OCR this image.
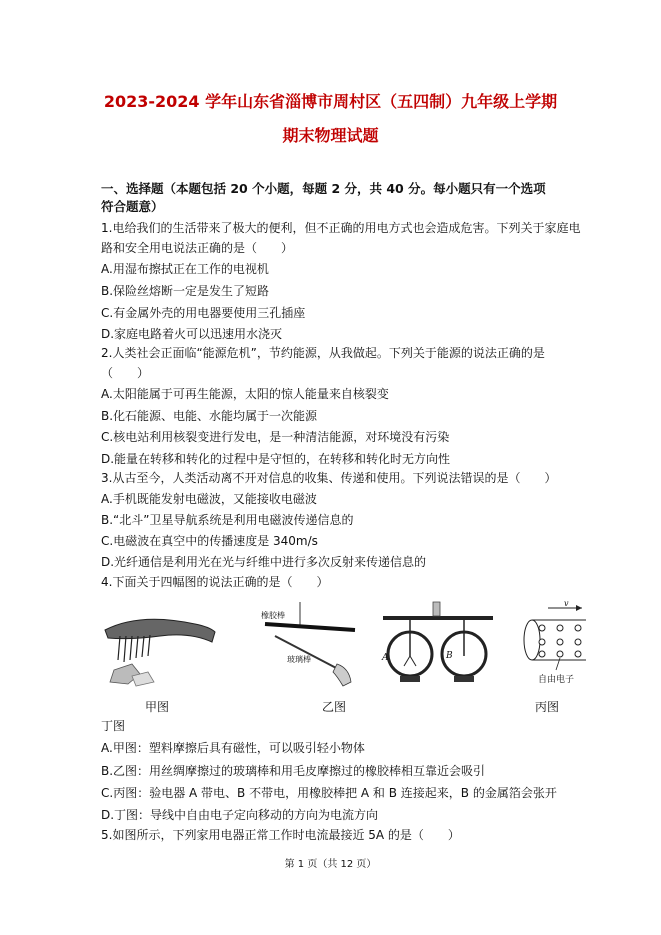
2023-2024 学年山东省淄博市周村区（五四制）九年级上学期
期末物理试题
一、选择题（本题包括 20 个小题，每题 2 分，共 40 分。每小题只有一个选项
符合题意）
1.电给我们的生活带来了极大的便利，但不正确的用电方式也会造成危害。下列关于家庭电
路和安全用电说法正确的是（　　）
A.用湿布擦拭正在工作的电视机
B.保险丝熔断一定是发生了短路
C.有金属外壳的用电器要使用三孔插座
D.家庭电路着火可以迅速用水浇灭
2.人类社会正面临“能源危机”，节约能源，从我做起。下列关于能源的说法正确的是
（　　）
A.太阳能属于可再生能源，太阳的惊人能量来自核裂变
B.化石能源、电能、水能均属于一次能源
C.核电站利用核裂变进行发电，是一种清洁能源，对环境没有污染
D.能量在转移和转化的过程中是守恒的，在转移和转化时无方向性
3.从古至今，人类活动离不开对信息的收集、传递和使用。下列说法错误的是（　　）
A.手机既能发射电磁波，又能接收电磁波
B.“北斗”卫星导航系统是利用电磁波传递信息的
C.电磁波在真空中的传播速度是 340m/s
D.光纤通信是利用光在光与纤维中进行多次反射来传递信息的
4.下面关于四幅图的说法正确的是（　　）
橡胶棒
玻璃棒	A	B
v
自由电子
甲图	乙图	丙图
丁图
A.甲图：塑料摩擦后具有磁性，可以吸引轻小物体
B.乙图：用丝绸摩擦过的玻璃棒和用毛皮摩擦过的橡胶棒相互靠近会吸引
C.丙图：验电器 A 带电、B 不带电，用橡胶棒把 A 和 B 连接起来，B 的金属箔会张开
D.丁图：导线中自由电子定向移动的方向为电流方向
5.如图所示，下列家用电器正常工作时电流最接近 5A 的是（　　）
第 1 页（共 12 页）
